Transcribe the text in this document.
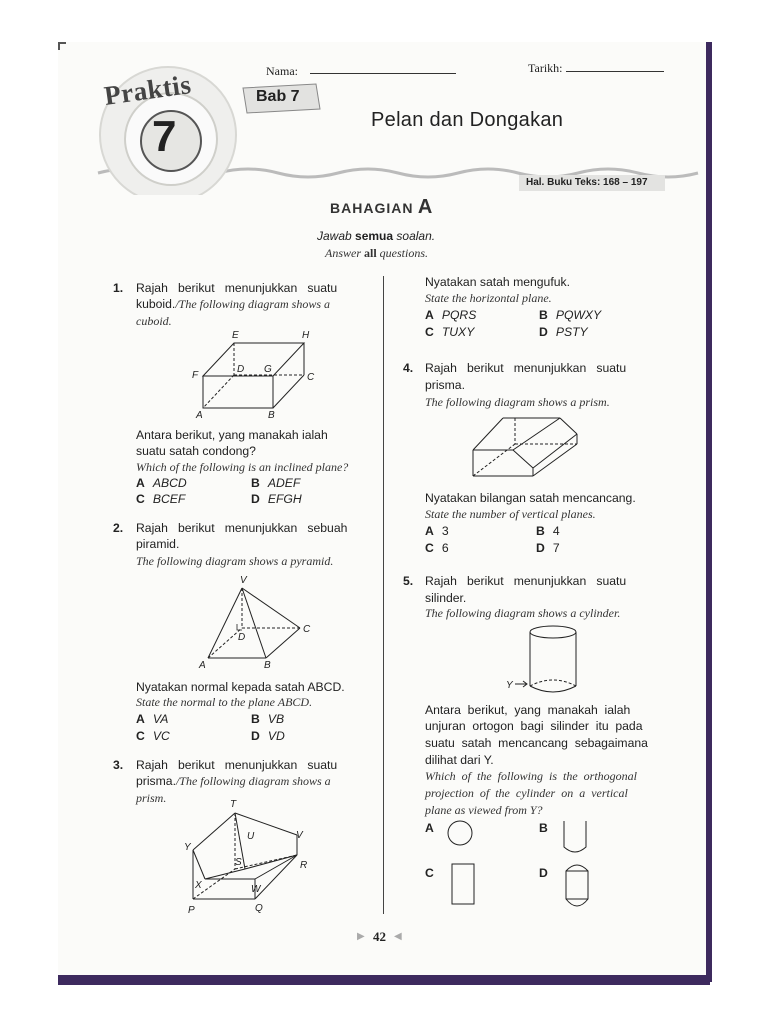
Nama:	Tarikh:
Praktis
7
Bab 7
Pelan dan Dongakan
Hal. Buku Teks: 168 – 197
BAHAGIAN A
Jawab semua soalan.
Answer all questions.
1. Rajah   berikut   menunjukkan   suatu
kuboid./The following diagram shows a
cuboid.
E	H
F
D G
C
A	B
Antara berikut, yang manakah ialah
suatu satah condong?
Which of the following is an inclined plane?
A ABCD	B ADEF
C BCEF	D EFGH
2. Rajah   berikut   menunjukkan   sebuah
piramid.
The following diagram shows a pyramid.
V
C
D
A	B
Nyatakan normal kepada satah ABCD.
State the normal to the plane ABCD.
A VA	B VB
C VC	D VD
3. Rajah   berikut   menunjukkan   suatu
prisma./The following diagram shows a
prism.	T
U	V
Y
S	R
X	W
P	Q
Nyatakan satah mengufuk.
State the horizontal plane.
A PQRS	B PQWXY
C TUXY	D PSTY
4. Rajah   berikut   menunjukkan   suatu
prisma.
The following diagram shows a prism.
Nyatakan bilangan satah mencancang.
State the number of vertical planes.
A 3	B 4
C 6	D 7
5. Rajah   berikut   menunjukkan   suatu
silinder.
The following diagram shows a cylinder.
Y
Antara  berikut,  yang  manakah  ialah
unjuran  ortogon  bagi  silinder  itu  pada
suatu  satah  mencancang  sebagaimana
dilihat dari Y.
Which  of  the  following  is  the  orthogonal
projection  of  the  cylinder  on  a  vertical
plane as viewed from Y?
A	B
C	D
▶ 42 ◀
